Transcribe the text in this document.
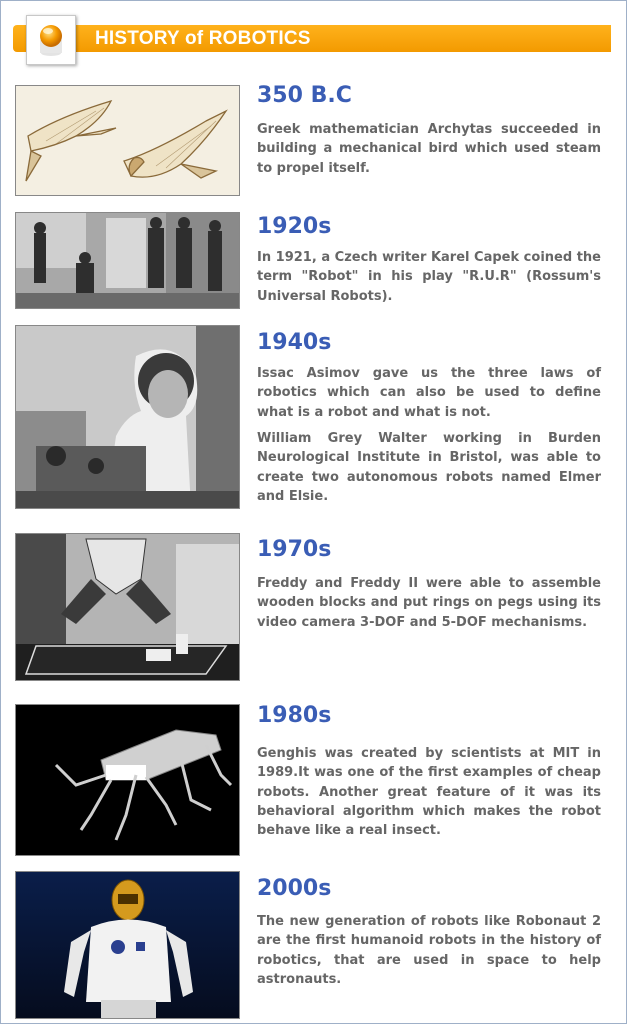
HISTORY of ROBOTICS
350 B.C

Greek mathematician Archytas succeeded in building a mechanical bird which used steam to propel itself.

1920s

In 1921, a Czech writer Karel Capek coined the term "Robot" in his play "R.U.R" (Rossum's Universal Robots).

1940s

Issac Asimov gave us the three laws of robotics which can also be used to define what is a robot and what is not.

William Grey Walter working in Burden Neurological Institute in Bristol, was able to create two autonomous robots named Elmer and Elsie.

1970s

Freddy and Freddy II were able to assemble wooden blocks and put rings on pegs using its video camera 3-DOF and 5-DOF mechanisms.

1980s

Genghis was created by scientists at MIT in 1989.It was one of the first examples of cheap robots. Another great feature of it was its behavioral algorithm which makes the robot behave like a real insect.

2000s

The new generation of robots like Robonaut 2 are the first humanoid robots in the history of robotics, that are used in space to help astronauts.
